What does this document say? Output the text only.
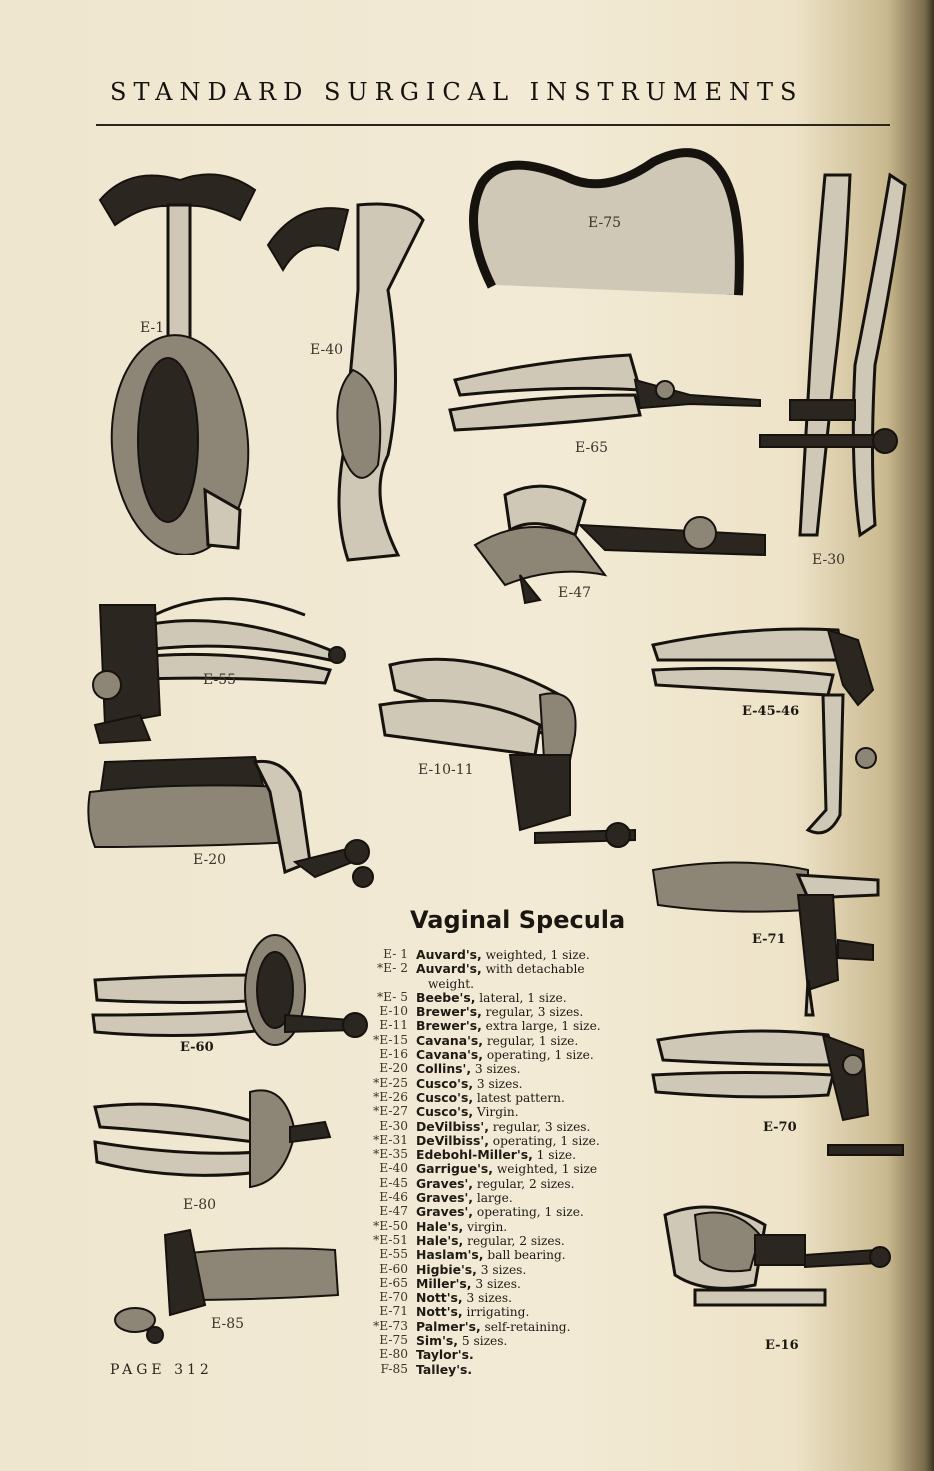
STANDARD SURGICAL INSTRUMENTS
E-1
E-40
E-75
E-65
E-30
E-47
E-55
E-10-11
E-45-46
E-20
E-71
E-60
E-70
E-80
E-16
E-85
Vaginal Specula
E- 1 Auvard's, weighted, 1 size.
*E- 2 Auvard's, with detachable
weight.
*E- 5 Beebe's, lateral, 1 size.
E-10 Brewer's, regular, 3 sizes.
E-11 Brewer's, extra large, 1 size.
*E-15 Cavana's, regular, 1 size.
E-16 Cavana's, operating, 1 size.
E-20 Collins', 3 sizes.
*E-25 Cusco's, 3 sizes.
*E-26 Cusco's, latest pattern.
*E-27 Cusco's, Virgin.
E-30 DeVilbiss', regular, 3 sizes.
*E-31 DeVilbiss', operating, 1 size.
*E-35 Edebohl-Miller's, 1 size.
E-40 Garrigue's, weighted, 1 size
E-45 Graves', regular, 2 sizes.
E-46 Graves', large.
E-47 Graves', operating, 1 size.
*E-50 Hale's, virgin.
*E-51 Hale's, regular, 2 sizes.
E-55 Haslam's, ball bearing.
E-60 Higbie's, 3 sizes.
E-65 Miller's, 3 sizes.
E-70 Nott's, 3 sizes.
E-71 Nott's, irrigating.
*E-73 Palmer's, self-retaining.
E-75 Sim's, 5 sizes.
E-80 Taylor's.
F-85 Talley's.
PAGE 312
